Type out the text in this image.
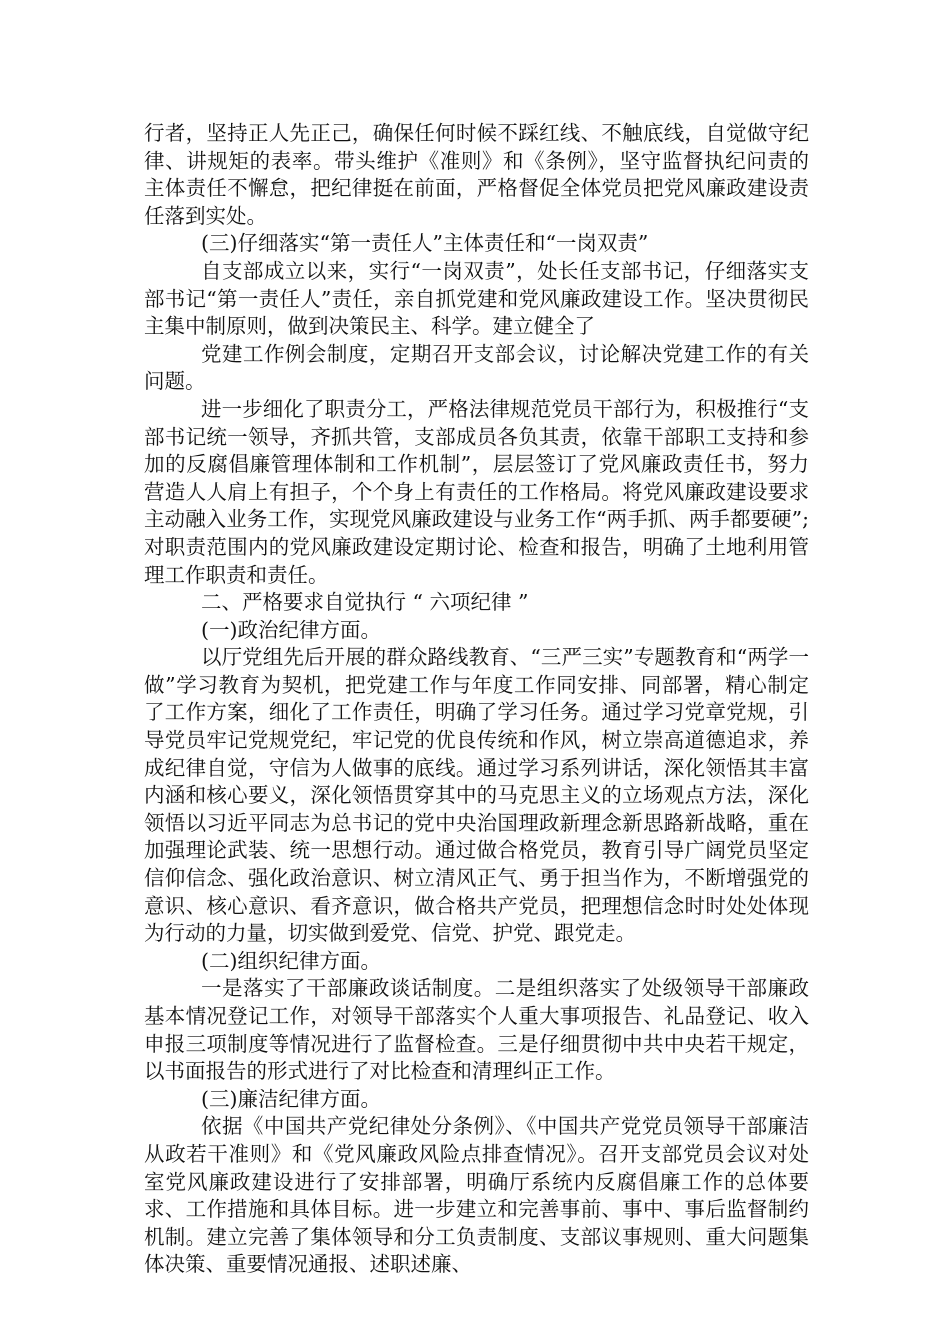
行者，坚持正人先正己，确保任何时候不踩红线、不触底线，自觉做守纪律、讲规矩的表率。带头维护《准则》和《条例》，坚守监督执纪问责的主体责任不懈怠，把纪律挺在前面，严格督促全体党员把党风廉政建设责任落到实处。

(三)仔细落实“第一责任人”主体责任和“一岗双责”

自支部成立以来，实行“一岗双责”，处长任支部书记，仔细落实支部书记“第一责任人”责任，亲自抓党建和党风廉政建设工作。坚决贯彻民主集中制原则，做到决策民主、科学。建立健全了

党建工作例会制度，定期召开支部会议，讨论解决党建工作的有关问题。

进一步细化了职责分工，严格法律规范党员干部行为，积极推行“支部书记统一领导，齐抓共管，支部成员各负其责，依靠干部职工支持和参加的反腐倡廉管理体制和工作机制”，层层签订了党风廉政责任书，努力营造人人肩上有担子，个个身上有责任的工作格局。将党风廉政建设要求主动融入业务工作，实现党风廉政建设与业务工作“两手抓、两手都要硬”;对职责范围内的党风廉政建设定期讨论、检查和报告，明确了土地利用管理工作职责和责任。

二、严格要求自觉执行 “ 六项纪律 ”

(一)政治纪律方面。

以厅党组先后开展的群众路线教育、“三严三实”专题教育和“两学一做”学习教育为契机，把党建工作与年度工作同安排、同部署，精心制定了工作方案，细化了工作责任，明确了学习任务。通过学习党章党规，引导党员牢记党规党纪，牢记党的优良传统和作风，树立崇高道德追求，养成纪律自觉，守信为人做事的底线。通过学习系列讲话，深化领悟其丰富内涵和核心要义，深化领悟贯穿其中的马克思主义的立场观点方法，深化领悟以习近平同志为总书记的党中央治国理政新理念新思路新战略，重在加强理论武装、统一思想行动。通过做合格党员，教育引导广阔党员坚定信仰信念、强化政治意识、树立清风正气、勇于担当作为，不断增强党的意识、核心意识、看齐意识，做合格共产党员，把理想信念时时处处体现为行动的力量，切实做到爱党、信党、护党、跟党走。

(二)组织纪律方面。

一是落实了干部廉政谈话制度。二是组织落实了处级领导干部廉政基本情况登记工作，对领导干部落实个人重大事项报告、礼品登记、收入申报三项制度等情况进行了监督检查。三是仔细贯彻中共中央若干规定，以书面报告的形式进行了对比检查和清理纠正工作。

(三)廉洁纪律方面。

依据《中国共产党纪律处分条例》、《中国共产党党员领导干部廉洁从政若干准则》和《党风廉政风险点排查情况》。召开支部党员会议对处室党风廉政建设进行了安排部署，明确厅系统内反腐倡廉工作的总体要求、工作措施和具体目标。进一步建立和完善事前、事中、事后监督制约机制。建立完善了集体领导和分工负责制度、支部议事规则、重大问题集体决策、重要情况通报、述职述廉、
